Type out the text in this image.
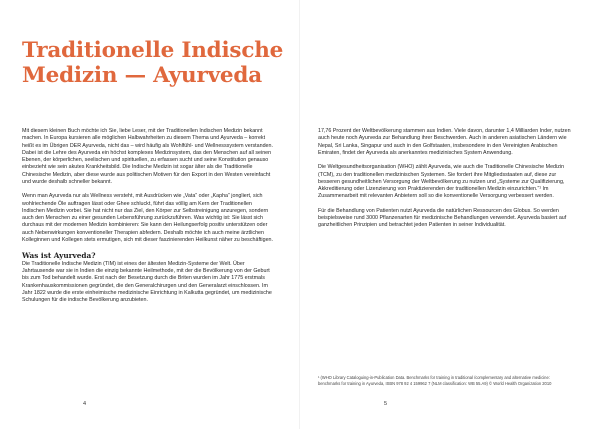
Traditionelle Indische
Medizin — Ayurveda

Mit diesem kleinen Buch möchte ich Sie, liebe Leser, mit der Traditionellen Indischen Medizin bekannt machen. In Europa kursieren alle möglichen Halbwahrheiten zu diesem Thema und Ayurveda – korrekt heißt es im Übrigen DER Ayurveda, nicht das – wird häufig als Wohlfühl- und Wellnesssystem verstanden. Dabei ist die Lehre des Ayurveda ein höchst komplexes Medizinsystem, das den Menschen auf all seinen Ebenen, der körperlichen, seelischen und spirituellen, zu erfassen sucht und seine Konstitution genauso einbezieht wie sein akutes Krankheitsbild. Die Indische Medizin ist sogar älter als die Traditionelle Chinesische Medizin, aber diese wurde aus politischen Motiven für den Export in den Westen vereinfacht und wurde deshalb schneller bekannt.

Wenn man Ayurveda nur als Wellness versteht, mit Ausdrücken wie „Vata“ oder „Kapha“ jongliert, sich wohlriechende Öle auftragen lässt oder Ghee schluckt, führt das völlig am Kern der Traditionellen Indischen Medizin vorbei. Sie hat nicht nur das Ziel, den Körper zur Selbstreinigung anzuregen, sondern auch den Menschen zu einer gesunden Lebensführung zurückzuführen. Was wichtig ist: Sie lässt sich durchaus mit der modernen Medizin kombinieren: Sie kann den Heilungserfolg positiv unterstützen oder auch Nebenwirkungen konventioneller Therapien abfedern. Deshalb möchte ich auch meine ärztlichen Kolleginnen und Kollegen stets ermutigen, sich mit dieser faszinierenden Heilkunst näher zu beschäftigen.

Was ist Ayurveda?

Die Traditionelle Indische Medizin (TIM) ist eines der ältesten Medizin-Systeme der Welt. Über Jahrtausende war sie in Indien die einzig bekannte Heilmethode, mit der die Bevölkerung von der Geburt bis zum Tod behandelt wurde. Erst nach der Besetzung durch die Briten wurden im Jahr 1775 erstmals Krankenhauskommissionen gegründet, die den Generalchirurgen und den Generalarzt einschlossen. Im Jahr 1822 wurde die erste einheimische medizinische Einrichtung in Kalkutta gegründet, um medizinische Schulungen für die indische Bevölkerung anzubieten.

4

17,76 Prozent der Weltbevölkerung stammen aus Indien. Viele davon, darunter 1,4 Milliarden Inder, nutzen auch heute noch Ayurveda zur Behandlung ihrer Beschwerden. Auch in anderen asiatischen Ländern wie Nepal, Sri Lanka, Singapur und auch in den Golfstaaten, insbesondere in den Vereinigten Arabischen Emiraten, findet der Ayurveda als anerkanntes medizinisches System Anwendung.

Die Weltgesundheitsorganisation (WHO) zählt Ayurveda, wie auch die Traditionelle Chinesische Medizin (TCM), zu den traditionellen medizinischen Systemen. Sie fordert ihre Mitgliedsstaaten auf, diese zur besseren gesundheitlichen Versorgung der Weltbevölkerung zu nutzen und „Systeme zur Qualifizierung, Akkreditierung oder Lizenzierung von Praktizierenden der traditionellen Medizin einzurichten.“¹ Im Zusammenarbeit mit relevanten Anbietern soll so die konventionelle Versorgung verbessert werden.

Für die Behandlung von Patienten nutzt Ayurveda die natürlichen Ressourcen des Globus. So werden beispielsweise rund 3000 Pflanzenarten für medizinische Behandlungen verwendet. Ayurveda basiert auf ganzheitlichen Prinzipien und betrachtet jeden Patienten in seiner Individualität.

¹ (WHO Library Cataloguing-in-Publication Data. Benchmarks for training in traditional /complementary and alternative medicine: benchmarks for training in Ayurveda, ISBN 978 92 4 159962 7 (NLM classification: WB 55.A9) © World Health Organization 2010
5
